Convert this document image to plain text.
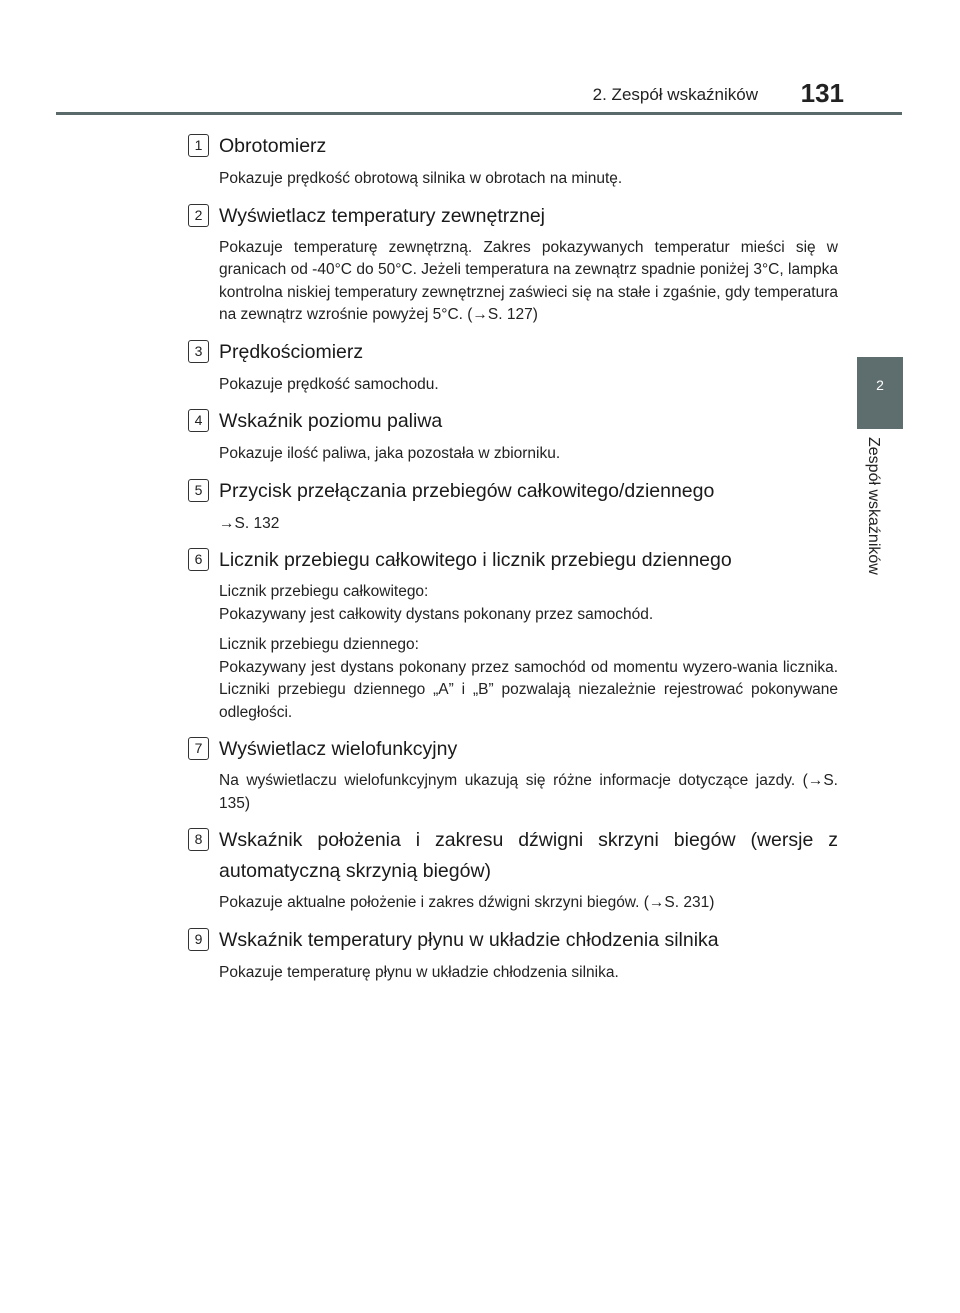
2. Zespół wskaźników 131
2
Zespół wskaźników
1 Obrotomierz
Pokazuje prędkość obrotową silnika w obrotach na minutę.
2 Wyświetlacz temperatury zewnętrznej
Pokazuje temperaturę zewnętrzną. Zakres pokazywanych temperatur mieści się w granicach od -40°C do 50°C. Jeżeli temperatura na zewnątrz spadnie poniżej 3°C, lampka kontrolna niskiej temperatury zewnętrznej zaświeci się na stałe i zgaśnie, gdy temperatura na zewnątrz wzrośnie powyżej 5°C. (→S. 127)
3 Prędkościomierz
Pokazuje prędkość samochodu.
4 Wskaźnik poziomu paliwa
Pokazuje ilość paliwa, jaka pozostała w zbiorniku.
5 Przycisk przełączania przebiegów całkowitego/dziennego
→S. 132
6 Licznik przebiegu całkowitego i licznik przebiegu dziennego
Licznik przebiegu całkowitego:
Pokazywany jest całkowity dystans pokonany przez samochód.
Licznik przebiegu dziennego:
Pokazywany jest dystans pokonany przez samochód od momentu wyzero-wania licznika. Liczniki przebiegu dziennego „A” i „B” pozwalają niezależnie rejestrować pokonywane odległości.
7 Wyświetlacz wielofunkcyjny
Na wyświetlaczu wielofunkcyjnym ukazują się różne informacje dotyczące jazdy. (→S. 135)
8 Wskaźnik położenia i zakresu dźwigni skrzyni biegów (wersje z automatyczną skrzynią biegów)
Pokazuje aktualne położenie i zakres dźwigni skrzyni biegów. (→S. 231)
9 Wskaźnik temperatury płynu w układzie chłodzenia silnika
Pokazuje temperaturę płynu w układzie chłodzenia silnika.
